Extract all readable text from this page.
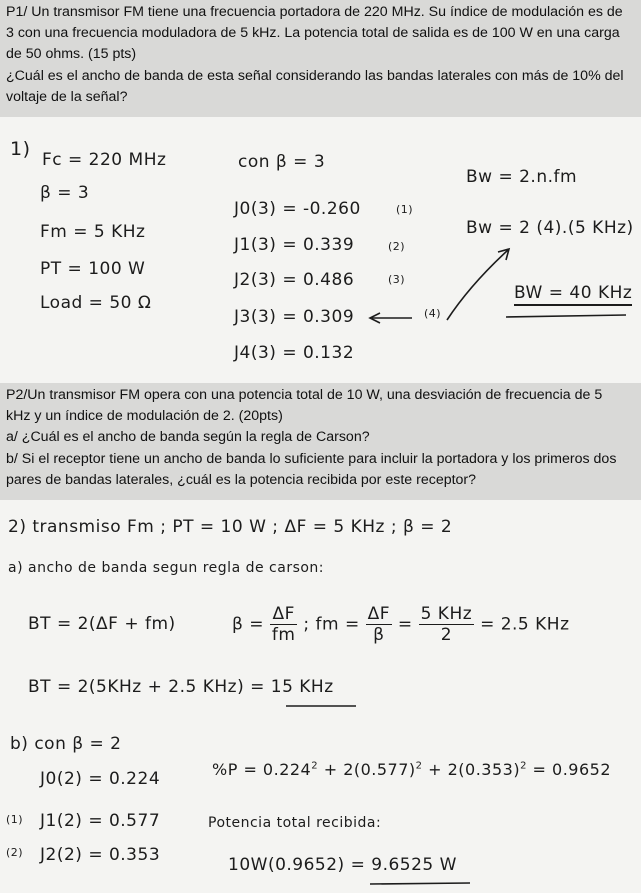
P1/ Un transmisor FM tiene una frecuencia portadora de 220 MHz. Su índice de modulación es de

3 con una frecuencia moduladora de 5 kHz. La potencia total de salida es de 100 W en una carga

de 50 ohms. (15 pts)

¿Cuál es el ancho de banda de esta señal considerando las bandas laterales con más de 10% del

voltaje de la señal?

1) Fc = 220 MHz
β = 3
Fm = 5 KHz
PT = 100 W
Load = 50 Ω
con β = 3
J0(3) = -0.260
J1(3) = 0.339
J2(3) = 0.486
J3(3) = 0.309
J4(3) = 0.132
(1)
(2)
(3)
(4)
Bw = 2.n.fm
Bw = 2 (4).(5 KHz)
BW = 40 KHz

P2/Un transmisor FM opera con una potencia total de 10 W, una desviación de frecuencia de 5

kHz y un índice de modulación de 2. (20pts)

a/ ¿Cuál es el ancho de banda según la regla de Carson?

b/ Si el receptor tiene un ancho de banda lo suficiente para incluir la portadora y los primeros dos

pares de bandas laterales, ¿cuál es la potencia recibida por este receptor?

2) transmiso Fm ; PT = 10 W ; ΔF = 5 KHz ; β = 2
a) ancho de banda segun regla de carson:
BT = 2(ΔF + fm)	$\beta = \frac{\Delta F}{fm}$ ; fm = $\frac{\Delta F}{\beta} = \frac{\text{5 KHz}}{2} = 2.5$ KHz
BT = 2(5KHz + 2.5 KHz) = 15 KHz
b) con β = 2
J0(2) = 0.224
J1(2) = 0.577
J2(2) = 0.353
(1)
(2)
$\%P = 0.224^2 + 2(0.577)^2 + 2(0.353)^2 = 0.9652$
Potencia total recibida:
10W(0.9652) = 9.6525 W
